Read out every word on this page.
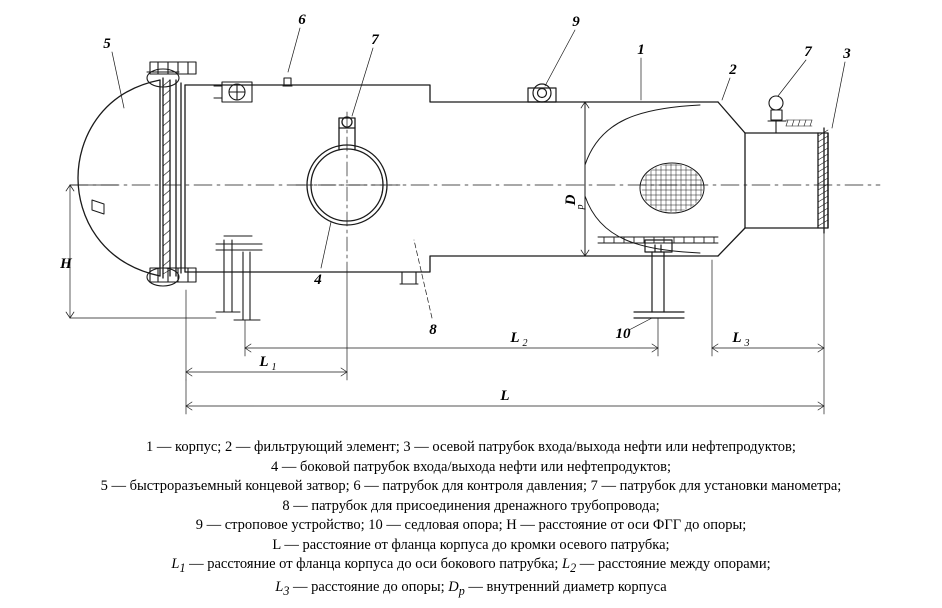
5
6
7
9
1
2
7 3
4
8	10
H
D
p
L
L 1
L 2	L 3
1 — корпус; 2 — фильтрующий элемент; 3 — осевой патрубок входа/выхода нефти или нефтепродуктов;
4 — боковой патрубок входа/выхода нефти или нефтепродуктов;
5 — быстроразъемный концевой затвор; 6 — патрубок для контроля давления; 7 — патрубок для установки манометра;
8 — патрубок для присоединения дренажного трубопровода;
9 — стропoвое устройство; 10 — седловая опора; H — расстояние от оси ФГГ до опоры;
L — расстояние от фланца корпуса до кромки осевого патрубка;
$L_1$ — расстояние от фланца корпуса до оси бокового патрубка; $L_2$ — расстояние между опорами;
$L_3$ — расстояние до опоры; $D_p$ — внутренний диаметр корпуса
